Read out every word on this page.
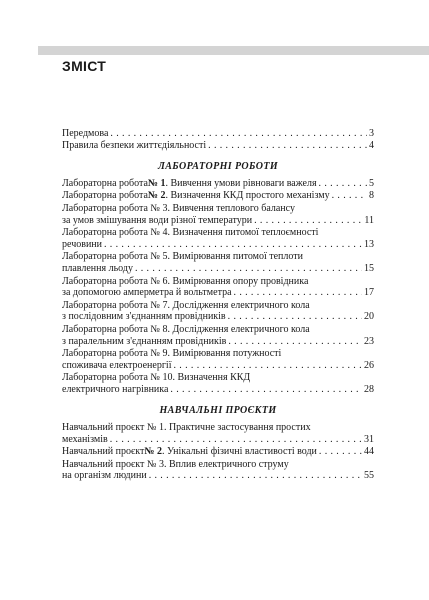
ЗМІСТ
Передмова . . .	3
Правила безпеки життєдіяльності . . .	4
ЛАБОРАТОРНІ РОБОТИ
Лабораторна робота № 1 . Вивчення умови рівноваги важеля . . .	5
Лабораторна робота № 2 . Визначення ККД простого механізму . . .	8
Лабораторна робота № 3. Вивчення теплового балансу
за умов змішування води різної температури . . .	11
Лабораторна робота № 4. Визначення питомої теплоємності
речовини . . .	13
Лабораторна робота № 5. Вимірювання питомої теплоти
плавлення льоду . . .	15
Лабораторна робота № 6. Вимірювання опору провідника
за допомогою амперметра й вольтметра . . .	17
Лабораторна робота № 7. Дослідження електричного кола
з послідовним з'єднанням провідників . . .	20
Лабораторна робота № 8. Дослідження електричного кола
з паралельним з'єднанням провідників . . .	23
Лабораторна робота № 9. Вимірювання потужності
споживача електроенергії . . .	26
Лабораторна робота № 10. Визначення ККД
електричного нагрівника . . .	28
НАВЧАЛЬНІ ПРОЄКТИ
Навчальний проєкт № 1. Практичне застосування простих
механізмів . . .	31
Навчальний проєкт № 2 . Унікальні фізичні властивості води . . .	44
Навчальний проєкт № 3. Вплив електричного струму
на організм людини . . .	55
